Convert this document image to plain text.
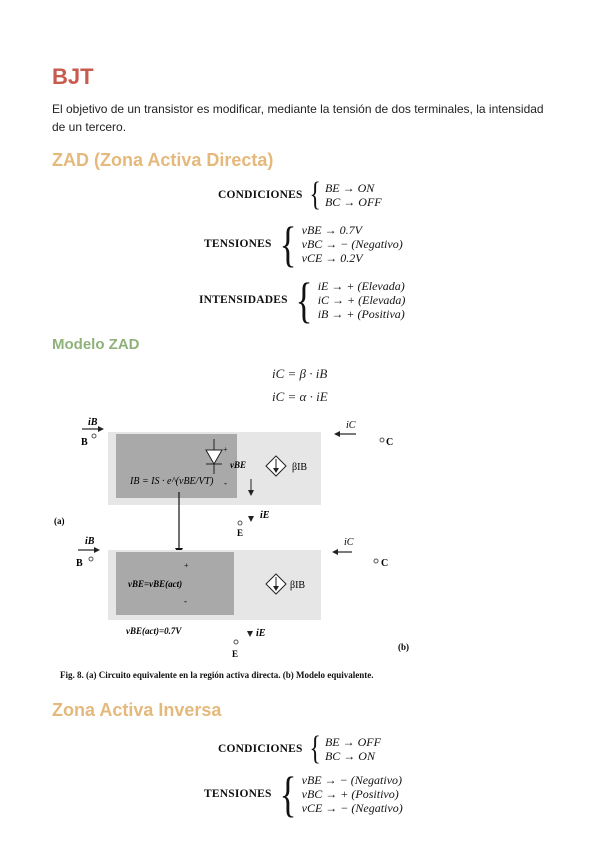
BJT
El objetivo de un transistor es modificar, mediante la tensión de dos terminales, la intensidad de un tercero.
ZAD (Zona Activa Directa)
CONDICIONES { BE → ON
BC → OFF
TENSIONES { vBE → 0.7V
vBC → − (Negativo)
vCE → 0.2V
INTENSIDADES { iE → + (Elevada)
iC → + (Elevada)
iB → + (Positiva)
Modelo ZAD
iC = β · iB
iC = α · iE
IB = IS · e^(vBE/VT)
+
vBE
-
βIB
iB
B
iC
C
iE
E
(a)
+
vBE=vBE(act)
-
βIB
iB
B
iC
C
vBE(act)=0.7V	iE
E
(b)
Fig. 8. (a) Circuito equivalente en la región activa directa. (b) Modelo equivalente.
Zona Activa Inversa
CONDICIONES { BE → OFF
BC → ON
TENSIONES { vBE → − (Negativo)
vBC → + (Positivo)
vCE → − (Negativo)
